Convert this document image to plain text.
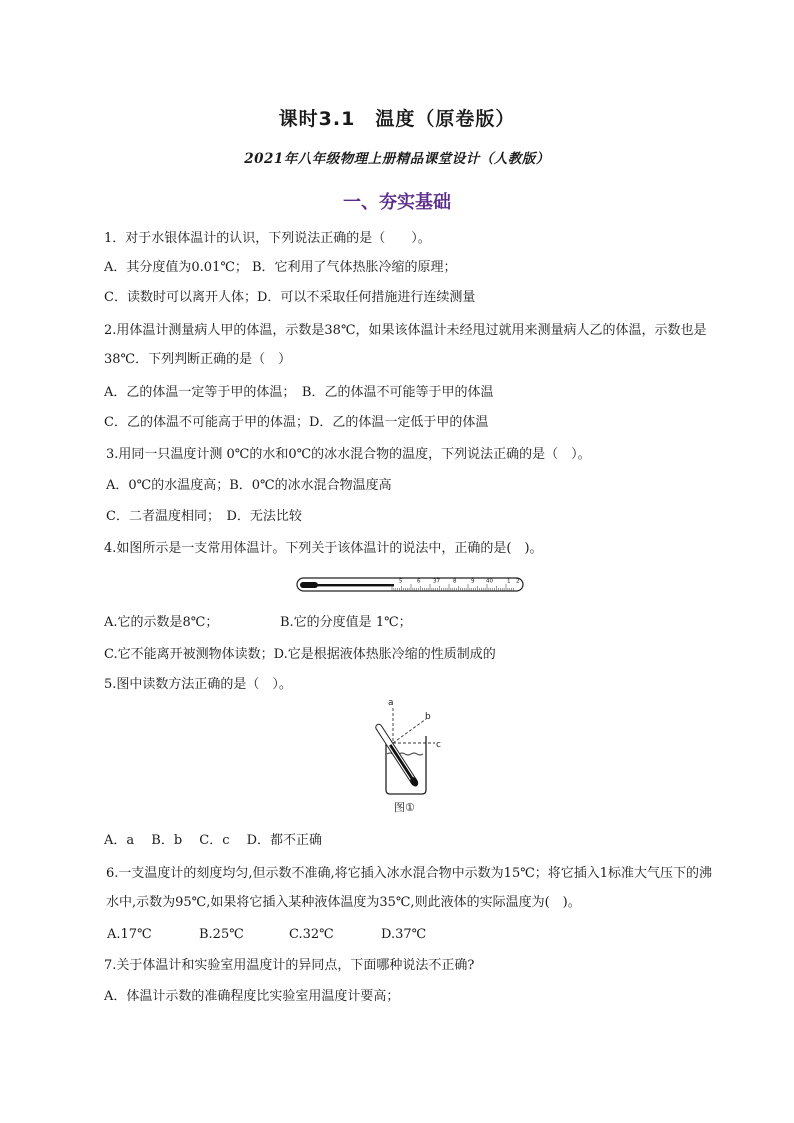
课时3.1　温度（原卷版）
2021年八年级物理上册精品课堂设计（人教版）
一、夯实基础
1．对于水银体温计的认识，下列说法正确的是（　　）。
A．其分度值为0.01℃； B．它利用了气体热胀冷缩的原理；
C．读数时可以离开人体；D．可以不采取任何措施进行连续测量
2.用体温计测量病人甲的体温，示数是38℃，如果该体温计未经甩过就用来测量病人乙的体温，示数也是38℃．下列判断正确的是（　）
A．乙的体温一定等于甲的体温；　B．乙的体温不可能等于甲的体温
C．乙的体温不可能高于甲的体温；D．乙的体温一定低于甲的体温
3.用同一只温度计测 0℃的水和0℃的冰水混合物的温度，下列说法正确的是（　）。
A．0℃的水温度高；B．0℃的冰水混合物温度高
C．二者温度相同；　D．无法比较
4.如图所示是一支常用体温计。下列关于该体温计的说法中，正确的是(　)。
5	6 37 8	9 40	1 2
A.它的示数是8℃；	B.它的分度值是 1℃；
C.它不能离开被测物体读数；D.它是根据液体热胀冷缩的性质制成的
5.图中读数方法正确的是（　）。
a
b
c
图①
A．a　 B．b　 C．c　 D．都不正确
6.一支温度计的刻度均匀,但示数不准确,将它插入冰水混合物中示数为15℃；将它插入1标准大气压下的沸水中,示数为95℃,如果将它插入某种液体温度为35℃,则此液体的实际温度为(　)。
A.17℃	B.25℃	C.32℃	D.37℃
7.关于体温计和实验室用温度计的异同点，下面哪种说法不正确?
A．体温计示数的准确程度比实验室用温度计要高；
